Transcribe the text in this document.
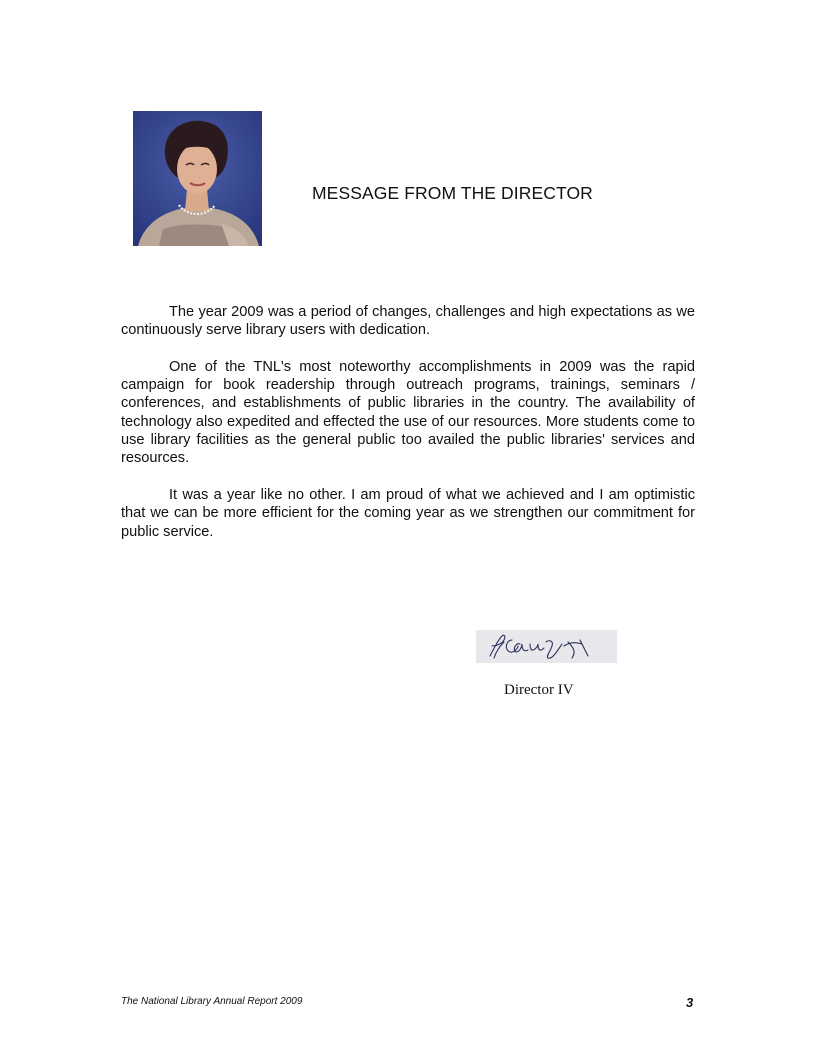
MESSAGE FROM THE DIRECTOR

The year 2009 was a period of changes, challenges and high expectations as we continuously serve library users with dedication.

One of the TNL's most noteworthy accomplishments in 2009 was the rapid campaign for book readership through outreach programs, trainings, seminars / conferences, and establishments of public libraries in the country. The availability of technology also expedited and effected the use of our resources. More students come to use library facilities as the general public too availed the public libraries' services and resources.

It was a year like no other. I am proud of what we achieved and I am optimistic that we can be more efficient for the coming year as we strengthen our commitment for public service.

Director IV
The National Library Annual Report 2009	3
